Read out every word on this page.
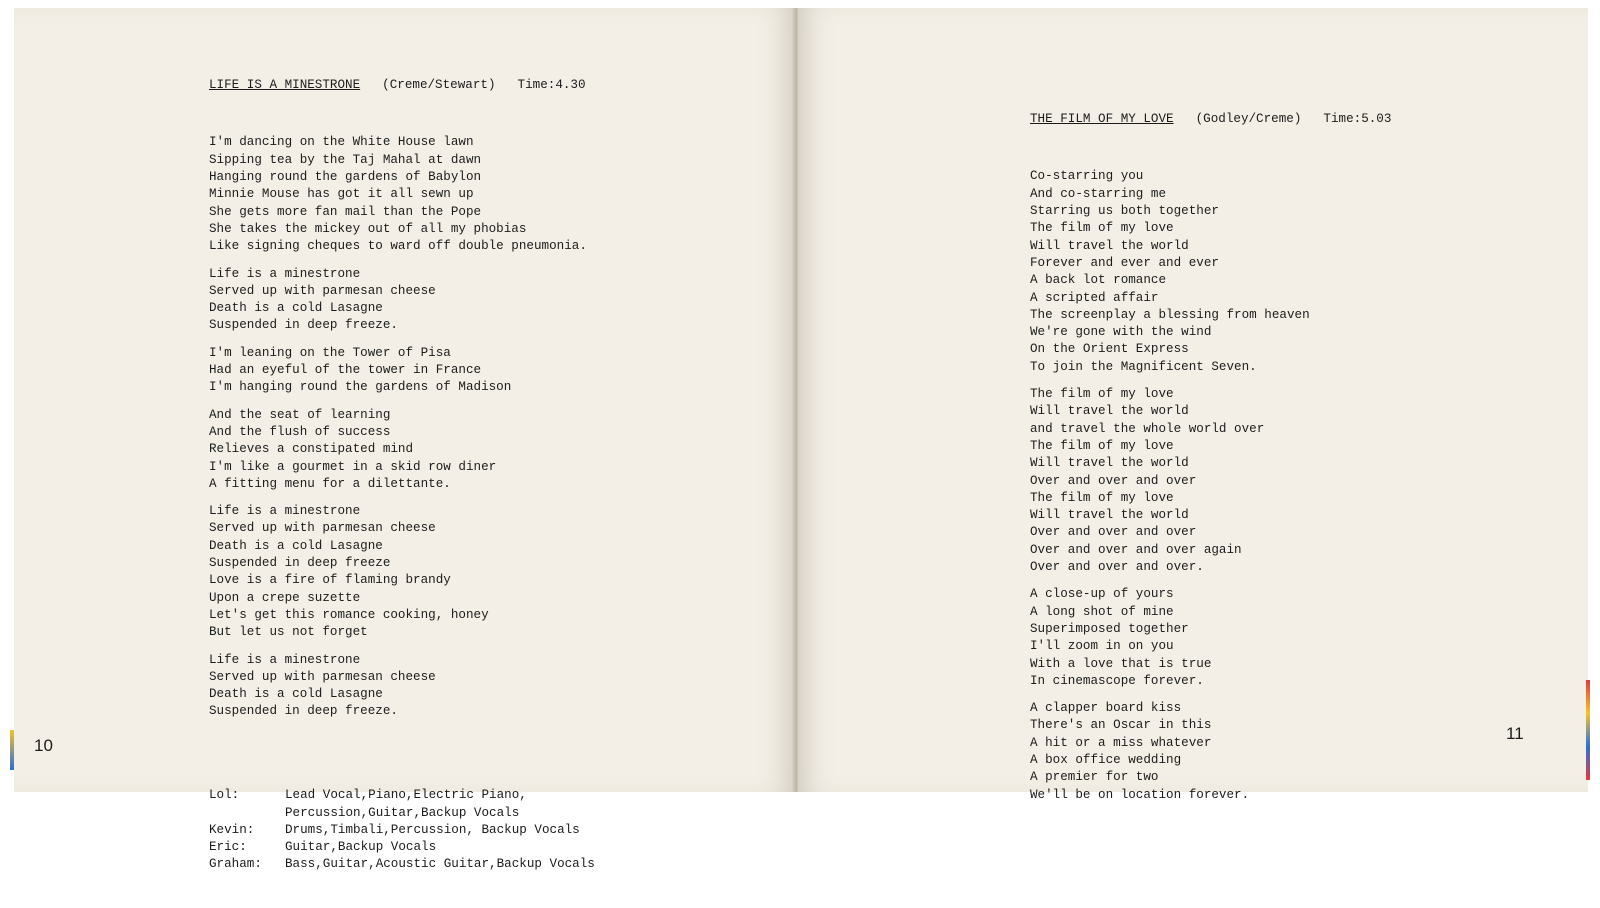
LIFE IS A MINESTRONE (Creme/Stewart) Time:4.30

I'm dancing on the White House lawn
Sipping tea by the Taj Mahal at dawn
Hanging round the gardens of Babylon
Minnie Mouse has got it all sewn up
She gets more fan mail than the Pope
She takes the mickey out of all my phobias
Like signing cheques to ward off double pneumonia.
Life is a minestrone
Served up with parmesan cheese
Death is a cold Lasagne
Suspended in deep freeze.
I'm leaning on the Tower of Pisa
Had an eyeful of the tower in France
I'm hanging round the gardens of Madison
And the seat of learning
And the flush of success
Relieves a constipated mind
I'm like a gourmet in a skid row diner
A fitting menu for a dilettante.
Life is a minestrone
Served up with parmesan cheese
Death is a cold Lasagne
Suspended in deep freeze
Love is a fire of flaming brandy
Upon a crepe suzette
Let's get this romance cooking, honey
But let us not forget
Life is a minestrone
Served up with parmesan cheese
Death is a cold Lasagne
Suspended in deep freeze.

Lol:	Lead Vocal,Piano,Electric Piano,
Percussion,Guitar,Backup Vocals
Kevin:	Drums,Timbali,Percussion, Backup Vocals
Eric:	Guitar,Backup Vocals
Graham:	Bass,Guitar,Acoustic Guitar,Backup Vocals

10

THE FILM OF MY LOVE (Godley/Creme) Time:5.03

Co-starring you
And co-starring me
Starring us both together
The film of my love
Will travel the world
Forever and ever and ever
A back lot romance
A scripted affair
The screenplay a blessing from heaven
We're gone with the wind
On the Orient Express
To join the Magnificent Seven.
The film of my love
Will travel the world
and travel the whole world over
The film of my love
Will travel the world
Over and over and over
The film of my love
Will travel the world
Over and over and over
Over and over and over again
Over and over and over.
A close-up of yours
A long shot of mine
Superimposed together
I'll zoom in on you
With a love that is true
In cinemascope forever.
A clapper board kiss
There's an Oscar in this
A hit or a miss whatever
A box office wedding
A premier for two
We'll be on location forever.

11
